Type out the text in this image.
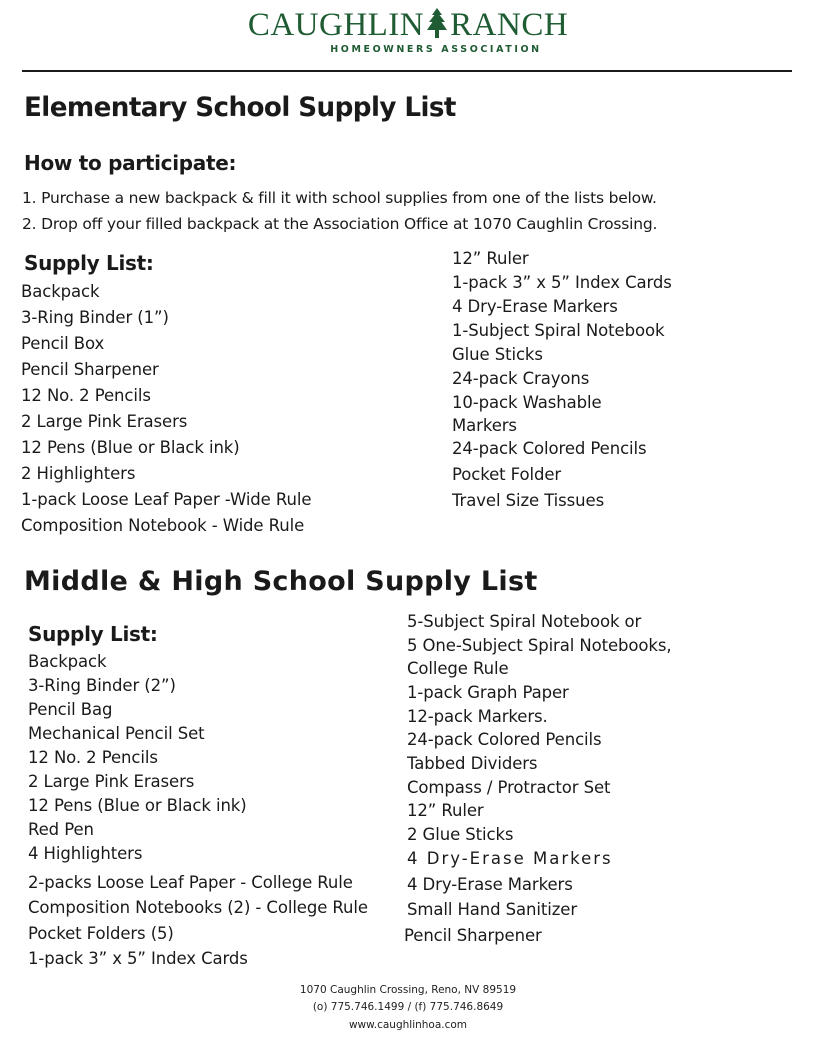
CAUGHLIN RANCH
HOMEOWNERS ASSOCIATION
Elementary School Supply List
How to participate:
1. Purchase a new backpack & fill it with school supplies from one of the lists below.
2. Drop off your filled backpack at the Association Office at 1070 Caughlin Crossing.
Supply List:
Backpack
3-Ring Binder (1”)
Pencil Box
Pencil Sharpener
12 No. 2 Pencils
2 Large Pink Erasers
12 Pens (Blue or Black ink)
2 Highlighters
1-pack Loose Leaf Paper -Wide Rule
Composition Notebook - Wide Rule
12” Ruler
1-pack 3” x 5” Index Cards
4 Dry-Erase Markers
1-Subject Spiral Notebook
Glue Sticks
24-pack Crayons
10-pack Washable
Markers
24-pack Colored Pencils
Pocket Folder
Travel Size Tissues
Middle & High School Supply List
Supply List:
Backpack
3-Ring Binder (2”)
Pencil Bag
Mechanical Pencil Set
12 No. 2 Pencils
2 Large Pink Erasers
12 Pens (Blue or Black ink)
Red Pen
4 Highlighters
2-packs Loose Leaf Paper - College Rule
Composition Notebooks (2) - College Rule
Pocket Folders (5)
1-pack 3” x 5” Index Cards
5-Subject Spiral Notebook or
5 One-Subject Spiral Notebooks,
College Rule
1-pack Graph Paper
12-pack Markers.
24-pack Colored Pencils
Tabbed Dividers
Compass / Protractor Set
12” Ruler
2 Glue Sticks
4 Dry-Erase Markers
4 Dry-Erase Markers
Small Hand Sanitizer
Pencil Sharpener
1070 Caughlin Crossing, Reno, NV 89519
(o) 775.746.1499 / (f) 775.746.8649
www.caughlinhoa.com
